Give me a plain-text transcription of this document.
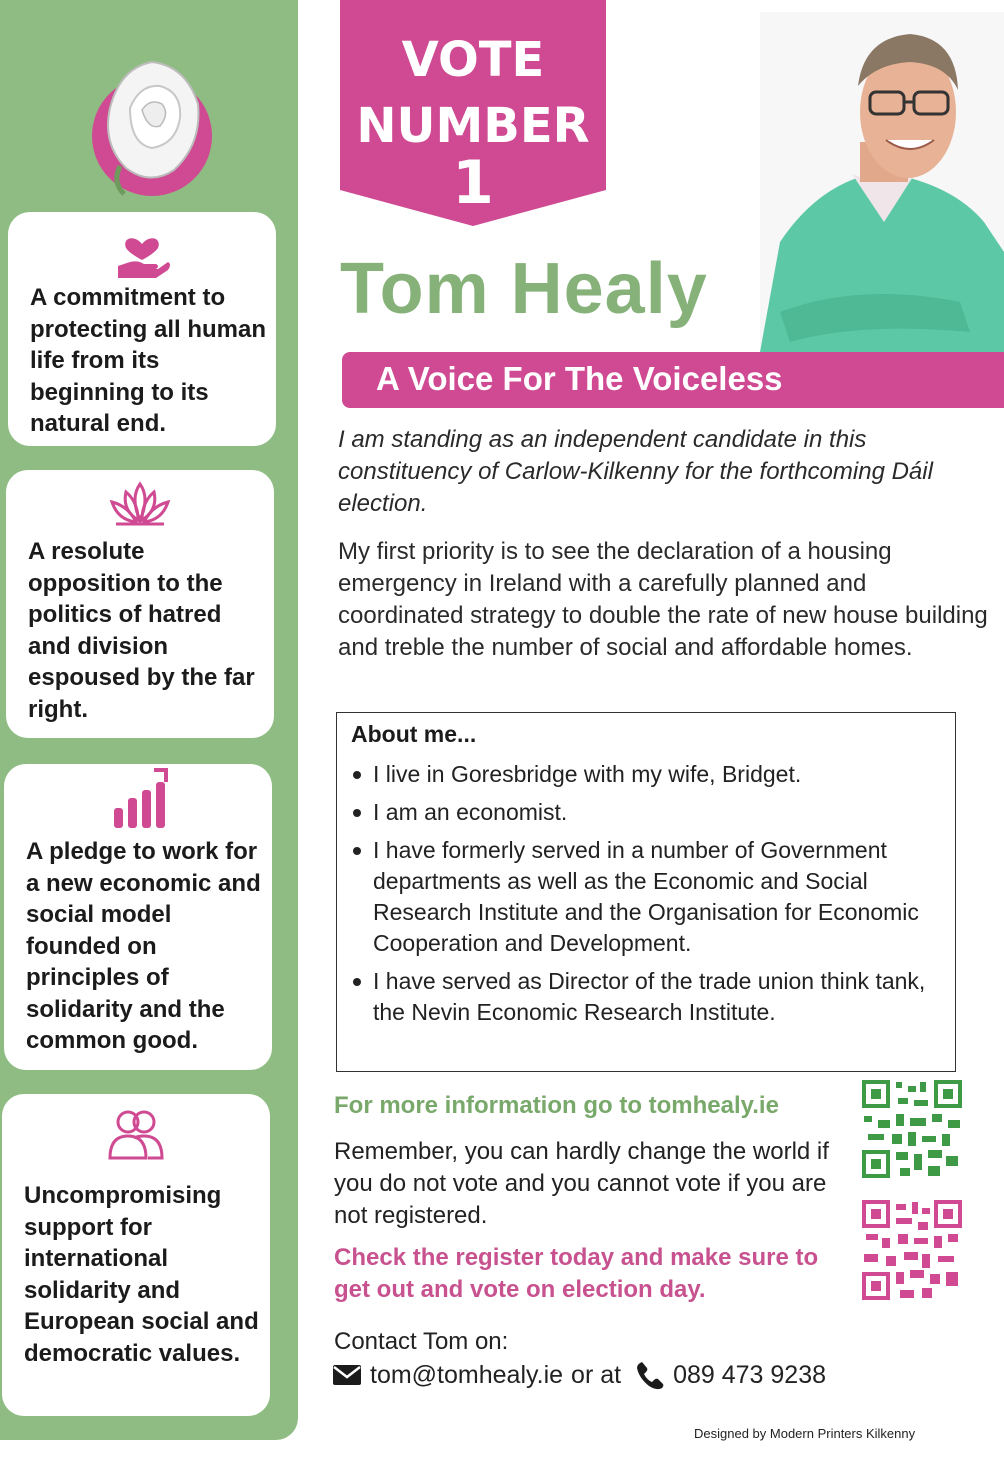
A commitment to protecting all human life from its beginning to its natural end.

A resolute opposition to the politics of hatred and division espoused by the far right.

A pledge to work for a new economic and social model founded on principles of solidarity and the common good.

Uncompromising support for international solidarity and European social and democratic values.

VOTE
NUMBER
1
Tom Healy
A Voice For The Voiceless

I am standing as an independent candidate in this constituency of Carlow-Kilkenny for the forthcoming Dáil election.

My first priority is to see the declaration of a housing emergency in Ireland with a carefully planned and coordinated strategy to double the rate of new house building and treble the number of social and affordable homes.

About me...
I live in Goresbridge with my wife, Bridget.
I am an economist.
I have formerly served in a number of Government departments as well as the Economic and Social Research Institute and the Organisation for Economic Cooperation and Development.
I have served as Director of the trade union think tank, the Nevin Economic Research Institute.
For more information go to tomhealy.ie

Remember, you can hardly change the world if you do not vote and you cannot vote if you are not registered.

Check the register today and make sure to get out and vote on election day.

Contact Tom on:
tom@tomhealy.ie or at 089 473 9238
Designed by Modern Printers Kilkenny
